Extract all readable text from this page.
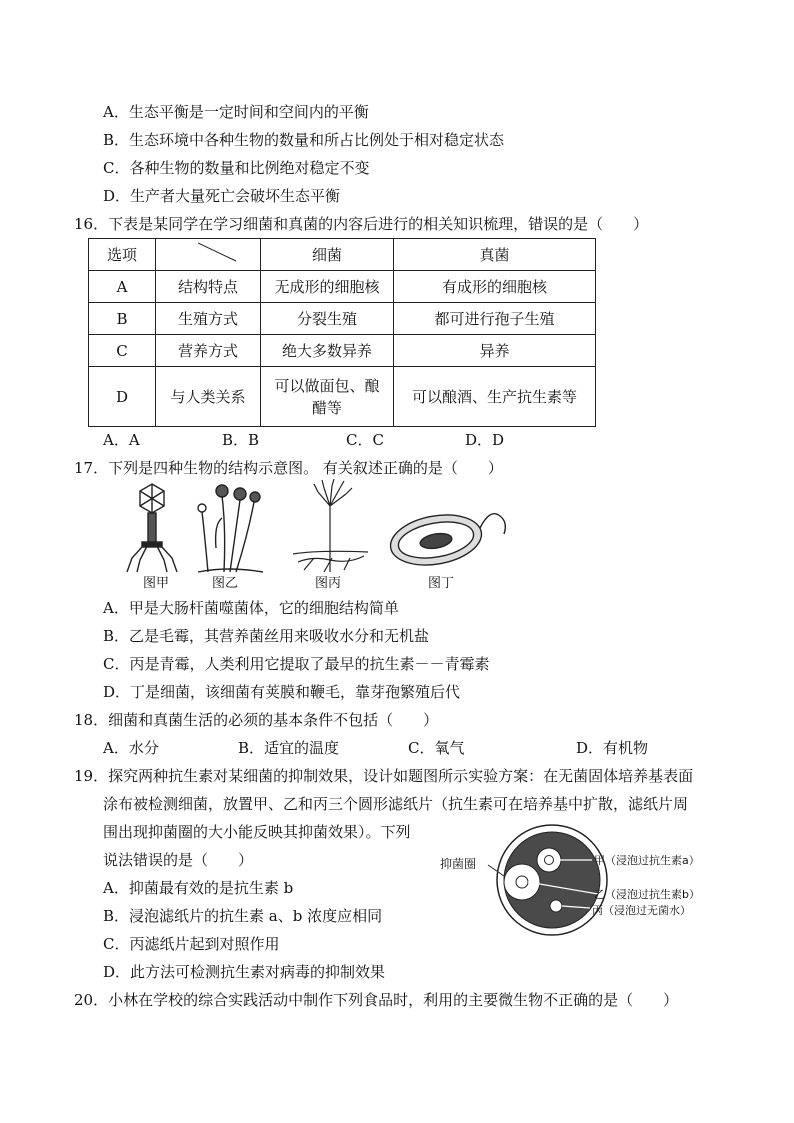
A．生态平衡是一定时间和空间内的平衡
B．生态环境中各种生物的数量和所占比例处于相对稳定状态
C．各种生物的数量和比例绝对稳定不变
D．生产者大量死亡会破坏生态平衡
16．下表是某同学在学习细菌和真菌的内容后进行的相关知识梳理，错误的是（　　）
选项		细菌	真菌
A	结构特点	无成形的细胞核	有成形的细胞核
B	生殖方式	分裂生殖	都可进行孢子生殖
C	营养方式	绝大多数异养	异养
D	与人类关系	可以做面包、酿醋等	可以酿酒、生产抗生素等
A．A	B．B	C．C	D．D
17．下列是四种生物的结构示意图。 有关叙述正确的是（　　）
图甲	图乙	图丙	图丁
A．甲是大肠杆菌噬菌体，它的细胞结构简单
B．乙是毛霉，其营养菌丝用来吸收水分和无机盐
C．丙是青霉，人类利用它提取了最早的抗生素－－青霉素
D．丁是细菌，该细菌有荚膜和鞭毛，靠芽孢繁殖后代
18．细菌和真菌生活的必须的基本条件不包括（　　）
A．水分	B．适宜的温度	C．氧气	D．有机物
19．探究两种抗生素对某细菌的抑制效果，设计如题图所示实验方案：在无菌固体培养基表面
涂布被检测细菌，放置甲、乙和丙三个圆形滤纸片（抗生素可在培养基中扩散，滤纸片周
围出现抑菌圈的大小能反映其抑菌效果）。下列
说法错误的是（　　）
A．抑菌最有效的是抗生素 b
B．浸泡滤纸片的抗生素 a、b 浓度应相同
C．丙滤纸片起到对照作用
D．此方法可检测抗生素对病毒的抑制效果
抑菌圈	甲（浸泡过抗生素a）
乙（浸泡过抗生素b）
丙（浸泡过无菌水）
20．小林在学校的综合实践活动中制作下列食品时，利用的主要微生物不正确的是（　　）
